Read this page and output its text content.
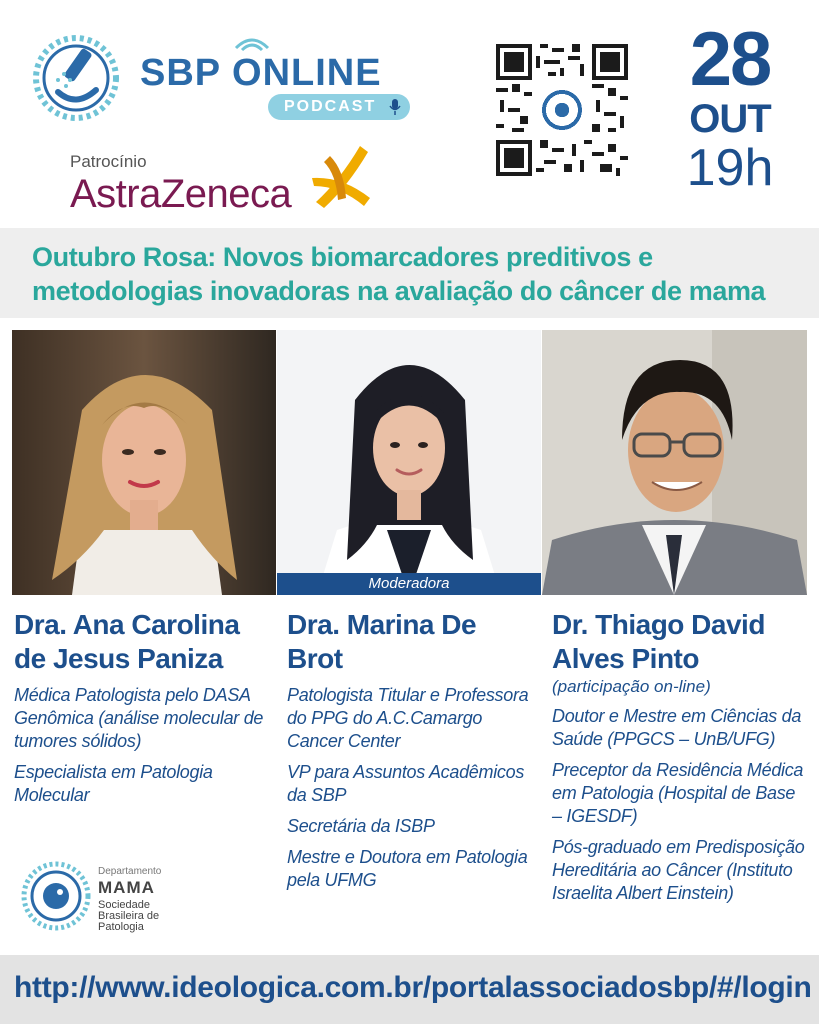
SBP ONLINE
PODCAST
Patrocínio
AstraZeneca
28
OUT
19h
Outubro Rosa: Novos biomarcadores preditivos e
metodologias inovadoras na avaliação do câncer de mama
Moderadora
Dra. Ana Carolina
de Jesus Paniza
Médica Patologista pelo DASA Genômica (análise molecular de tumores sólidos)
Especialista em Patologia Molecular
Dra. Marina De
Brot
Patologista Titular e Professora do PPG do A.C.Camargo Cancer Center
VP para Assuntos Acadêmicos da SBP
Secretária da ISBP
Mestre e Doutora em Patologia pela UFMG
Dr. Thiago David
Alves Pinto
(participação on-line)
Doutor e Mestre em Ciências da Saúde (PPGCS – UnB/UFG)
Preceptor da Residência Médica em Patologia (Hospital de Base – IGESDF)
Pós-graduado em Predisposição Hereditária ao Câncer (Instituto Israelita Albert Einstein)
Departamento
MAMA
Sociedade
Brasileira de
Patologia
http://www.ideologica.com.br/portalassociadosbp/#/login
